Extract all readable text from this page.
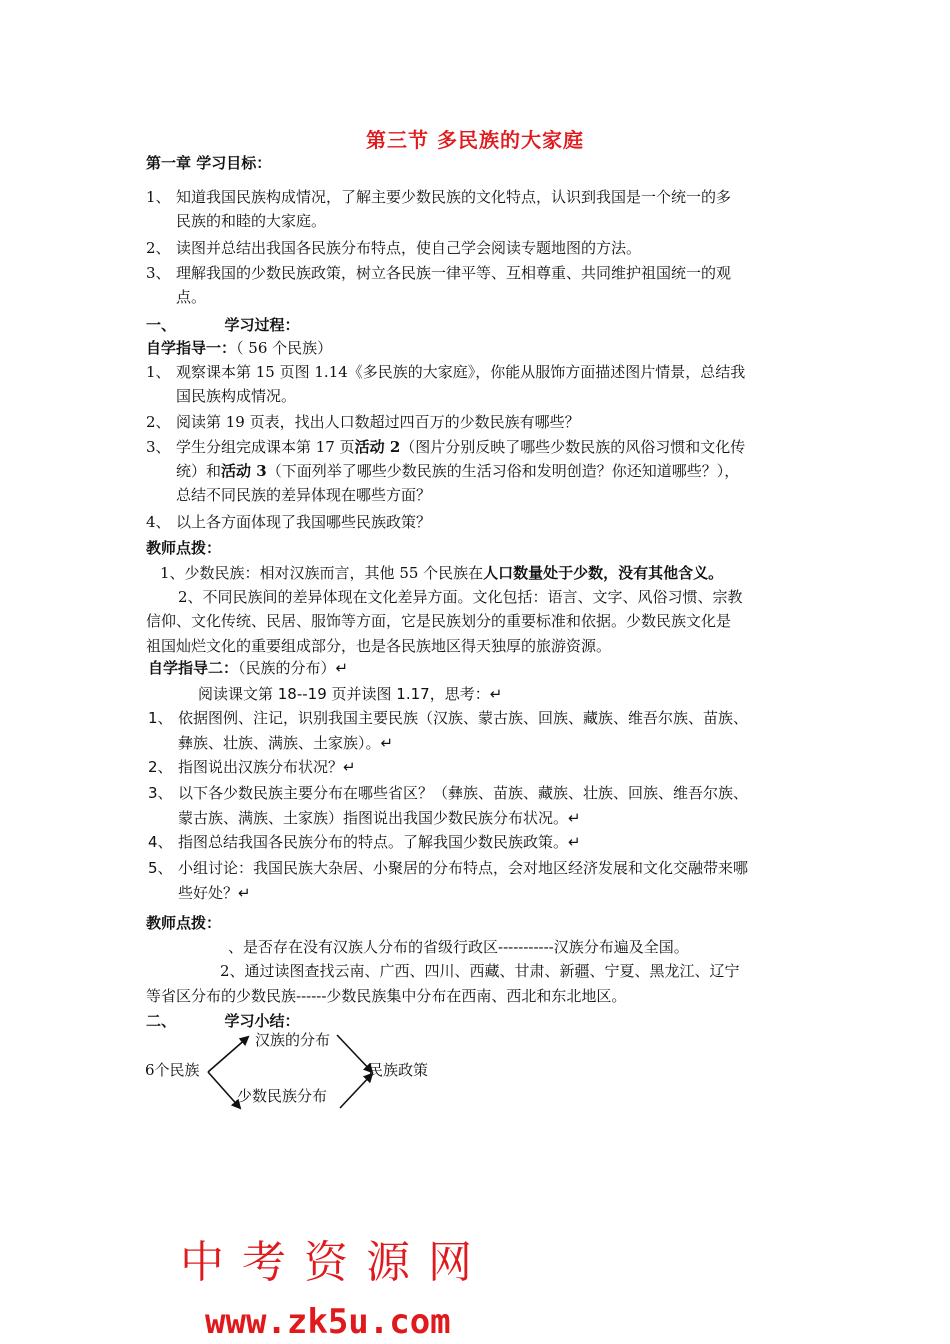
第三节 多民族的大家庭
第一章 学习目标：
1、 知道我国民族构成情况，了解主要少数民族的文化特点，认识到我国是一个统一的多
民族的和睦的大家庭。
2、 读图并总结出我国各民族分布特点，使自己学会阅读专题地图的方法。
3、 理解我国的少数民族政策，树立各民族一律平等、互相尊重、共同维护祖国统一的观
点。
一、	学习过程：
自学指导一：（ 56 个民族）
1、 观察课本第 15 页图 1.14《多民族的大家庭》，你能从服饰方面描述图片情景，总结我
国民族构成情况。
2、 阅读第 19 页表，找出人口数超过四百万的少数民族有哪些？
3、 学生分组完成课本第 17 页活动 2（图片分别反映了哪些少数民族的风俗习惯和文化传
统）和活动 3（下面列举了哪些少数民族的生活习俗和发明创造？你还知道哪些？），
总结不同民族的差异体现在哪些方面？
4、 以上各方面体现了我国哪些民族政策？
教师点拨：
1、少数民族：相对汉族而言，其他 55 个民族在人口数量处于少数，没有其他含义。
2、不同民族间的差异体现在文化差异方面。文化包括：语言、文字、风俗习惯、宗教
信仰、文化传统、民居、服饰等方面，它是民族划分的重要标准和依据。少数民族文化是
祖国灿烂文化的重要组成部分，也是各民族地区得天独厚的旅游资源。
自学指导二：（民族的分布）↵
阅读课文第 18--19 页并读图 1.17，思考：↵
1、 依据图例、注记，识别我国主要民族（汉族、蒙古族、回族、藏族、维吾尔族、苗族、
彝族、壮族、满族、土家族）。↵
2、 指图说出汉族分布状况？↵
3、 以下各少数民族主要分布在哪些省区？（彝族、苗族、藏族、壮族、回族、维吾尔族、
蒙古族、满族、土家族）指图说出我国少数民族分布状况。↵
4、 指图总结我国各民族分布的特点。了解我国少数民族政策。↵
5、 小组讨论：我国民族大杂居、小聚居的分布特点，会对地区经济发展和文化交融带来哪
些好处？↵
教师点拨：
、是否存在没有汉族人分布的省级行政区-----------汉族分布遍及全国。
2、通过读图查找云南、广西、四川、西藏、甘肃、新疆、宁夏、黑龙江、辽宁
等省区分布的少数民族------少数民族集中分布在西南、西北和东北地区。
二、	学习小结：
6个民族
汉族的分布
少数民族分布
民族政策
中考资源网
www.zk5u.com
